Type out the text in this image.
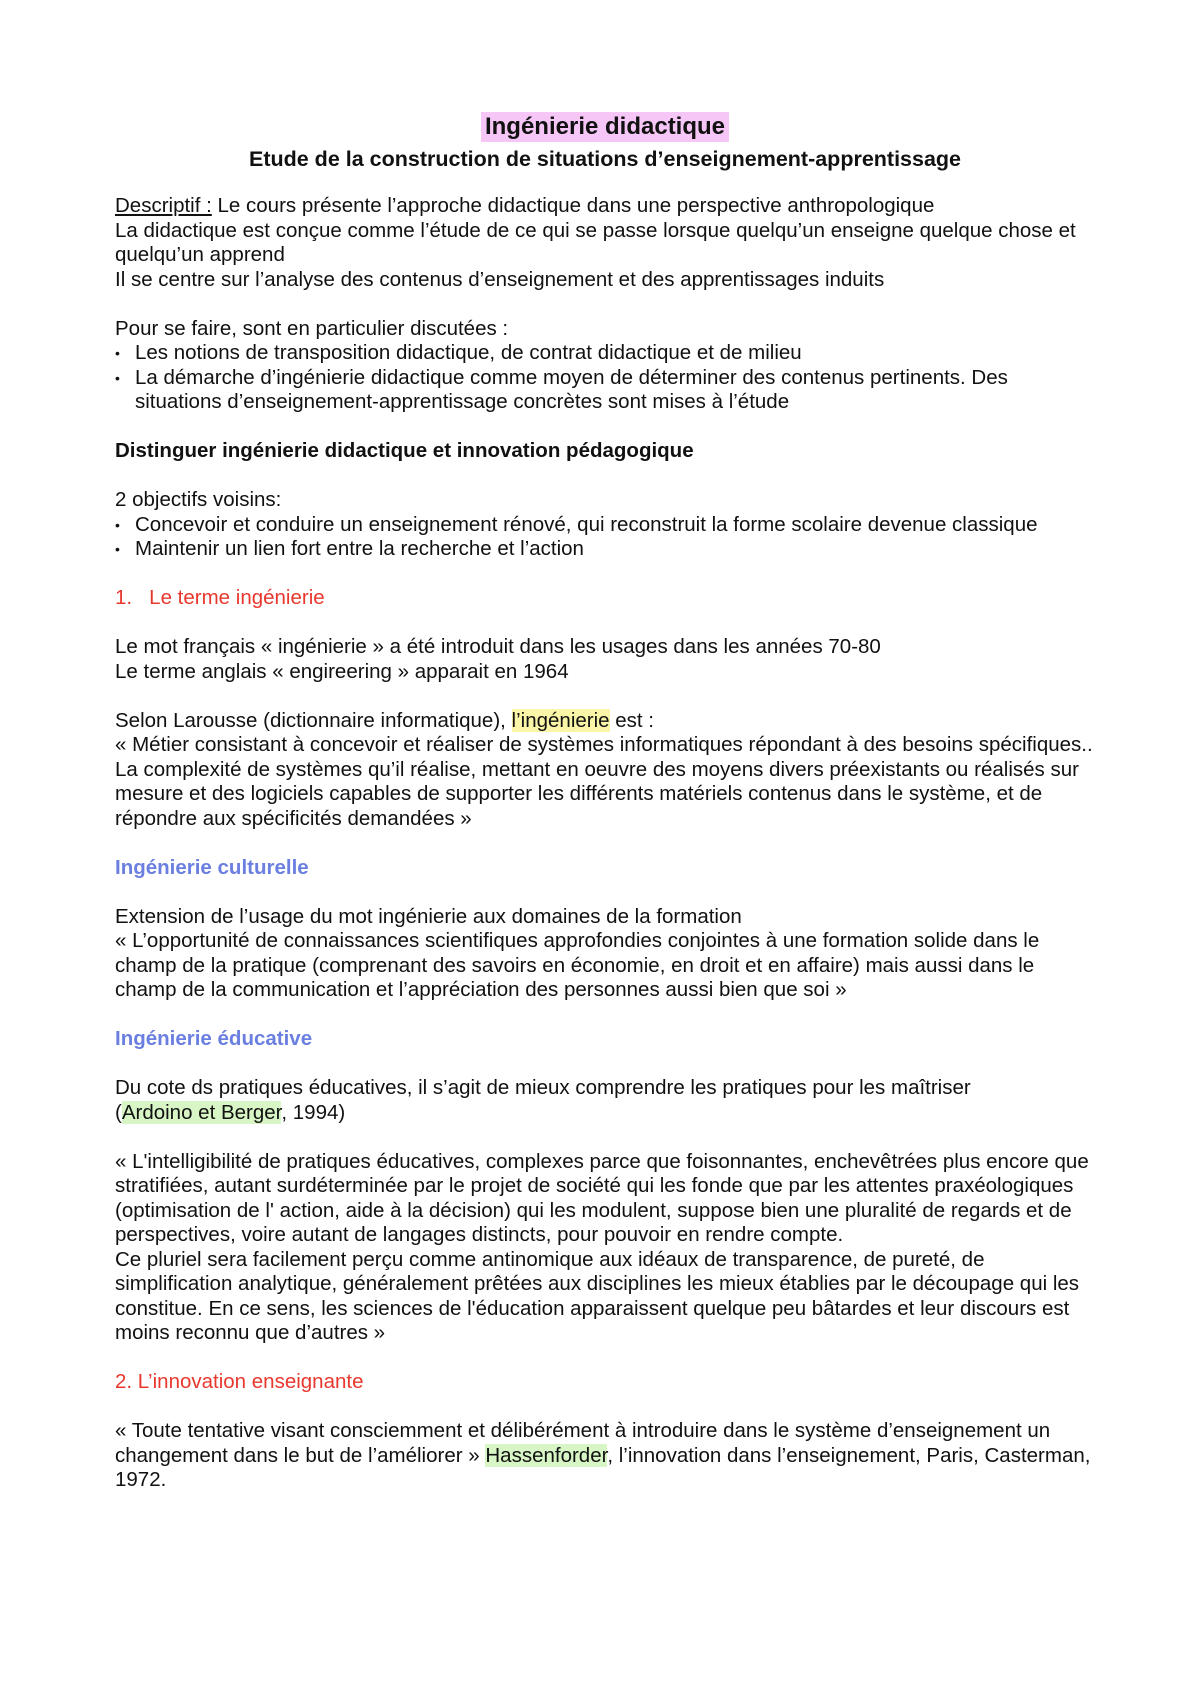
Ingénierie didactique
Etude de la construction de situations d’enseignement-apprentissage

Descriptif : Le cours présente l’approche didactique dans une perspective anthropologique

La didactique est conçue comme l’étude de ce qui se passe lorsque quelqu’un enseigne quelque chose et quelqu’un apprend

Il se centre sur l’analyse des contenus d’enseignement et des apprentissages induits

Pour se faire, sont en particulier discutées :

• Les notions de transposition didactique, de contrat didactique et de milieu
• La démarche d’ingénierie didactique comme moyen de déterminer des contenus pertinents. Des situations d’enseignement-apprentissage concrètes sont mises à l’étude

Distinguer ingénierie didactique et innovation pédagogique

2 objectifs voisins:

• Concevoir et conduire un enseignement rénové, qui reconstruit la forme scolaire devenue classique
• Maintenir un lien fort entre la recherche et l’action

1.   Le terme ingénierie

Le mot français « ingénierie » a été introduit dans les usages dans les années 70-80

Le terme anglais « engireering » apparait en 1964

Selon Larousse (dictionnaire informatique), l’ingénierie est :

« Métier consistant à concevoir et réaliser de systèmes informatiques répondant à des besoins spécifiques..

La complexité de systèmes qu’il réalise, mettant en oeuvre des moyens divers préexistants ou réalisés sur mesure et des logiciels capables de supporter les différents matériels contenus dans le système, et de répondre aux spécificités demandées »

Ingénierie culturelle

Extension de l’usage du mot ingénierie aux domaines de la formation

« L’opportunité de connaissances scientifiques approfondies conjointes à une formation solide dans le champ de la pratique (comprenant des savoirs en économie, en droit et en affaire) mais aussi dans le champ de la communication et l’appréciation des personnes aussi bien que soi »

Ingénierie éducative

Du cote ds pratiques éducatives, il s’agit de mieux comprendre les pratiques pour les maîtriser

(Ardoino et Berger, 1994)

« L'intelligibilité de pratiques éducatives, complexes parce que foisonnantes, enchevêtrées plus encore que stratifiées, autant surdéterminée par le projet de société qui les fonde que par les attentes praxéologiques (optimisation de l' action, aide à la décision) qui les modulent, suppose bien une pluralité de regards et de perspectives, voire autant de langages distincts, pour pouvoir en rendre compte.

Ce pluriel sera facilement perçu comme antinomique aux idéaux de transparence, de pureté, de simplification analytique, généralement prêtées aux disciplines les mieux établies par le découpage qui les constitue. En ce sens, les sciences de l'éducation apparaissent quelque peu bâtardes et leur discours est moins reconnu que d’autres »

2. L’innovation enseignante

« Toute tentative visant consciemment et délibérément à introduire dans le système d’enseignement un changement dans le but de l’améliorer » Hassenforder, l’innovation dans l’enseignement, Paris, Casterman, 1972.
